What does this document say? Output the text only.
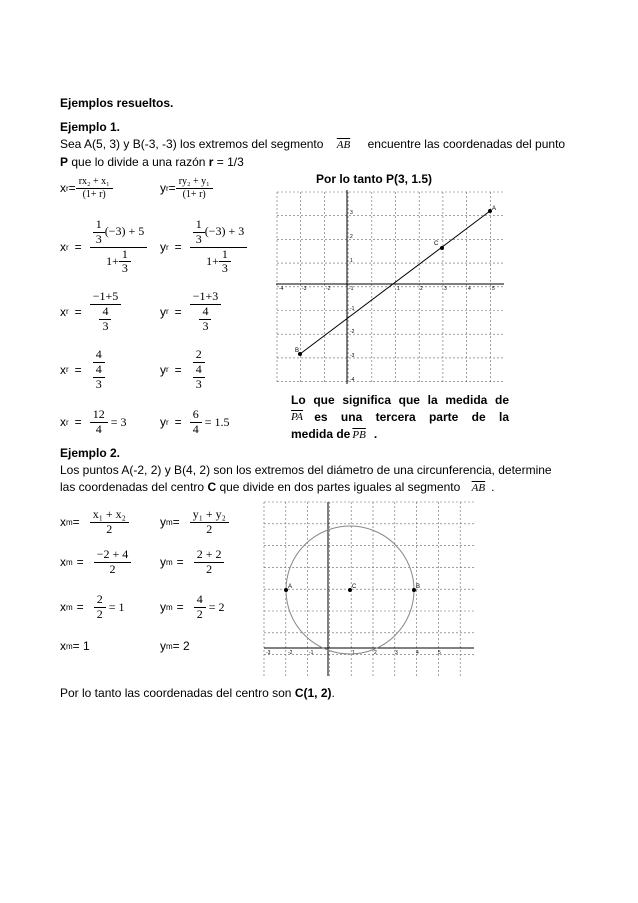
Ejemplos resueltos.
Ejemplo 1.
Sea A(5, 3) y B(-3, -3) los extremos del segmento $\overline{AB}$ encuentre las coordenadas del punto
P que lo divide a una razón r = 1/3
x $r = \frac{\text{rx₂ + x₁}}{(1+ r)}$	y $r = \frac{\text{ry₂ + y₁}}{(1+ r)}$	Por lo tanto P(3, 1.5)
x $r = \frac{\frac{1}{3} (-3) + 5}{1+ \frac{1}{3}}$ y $r = \frac{\frac{1}{3} (-3) + 3}{1+ \frac{1}{3}}$
x $r = \frac{-1+5}{\frac{4}{3}}$	y $r = \frac{-1+3}{\frac{4}{3}}$
x $r = \frac{4}{\frac{4}{3}}$	y $r = \frac{2}{\frac{4}{3}}$
x $r = \frac{12}{4} = 3$	y $r = \frac{6}{4} = 1.5$
Lo que significa que la medida de
$\overline{PA}$ es una tercera parte de la
medida de $\overline{PB}$ .
-4	-3	-2	-1	1	2	3	4	5
3
2
1
-1
-2
-3
-4
A
B
C
Ejemplo 2.
Los puntos A(-2, 2) y B(4, 2) son los extremos del diámetro de una circunferencia, determine
las coordenadas del centro C que divide en dos partes iguales al segmento $\overline{AB}$ .
x $m = \frac{\text{x₁ + x₂}}{2}$	y $m = \frac{\text{y₁ + y₂}}{2}$
x $m = \frac{-2 + 4}{2}$ y $m = \frac{2 + 2}{2}$
x $m = \frac{2}{2} = 1$	y $m = \frac{4}{2} = 2$
x m = 1	y m = 2	-3	-2	-1	1	2	3	4	5
A	B
C
Por lo tanto las coordenadas del centro son C(1, 2).
